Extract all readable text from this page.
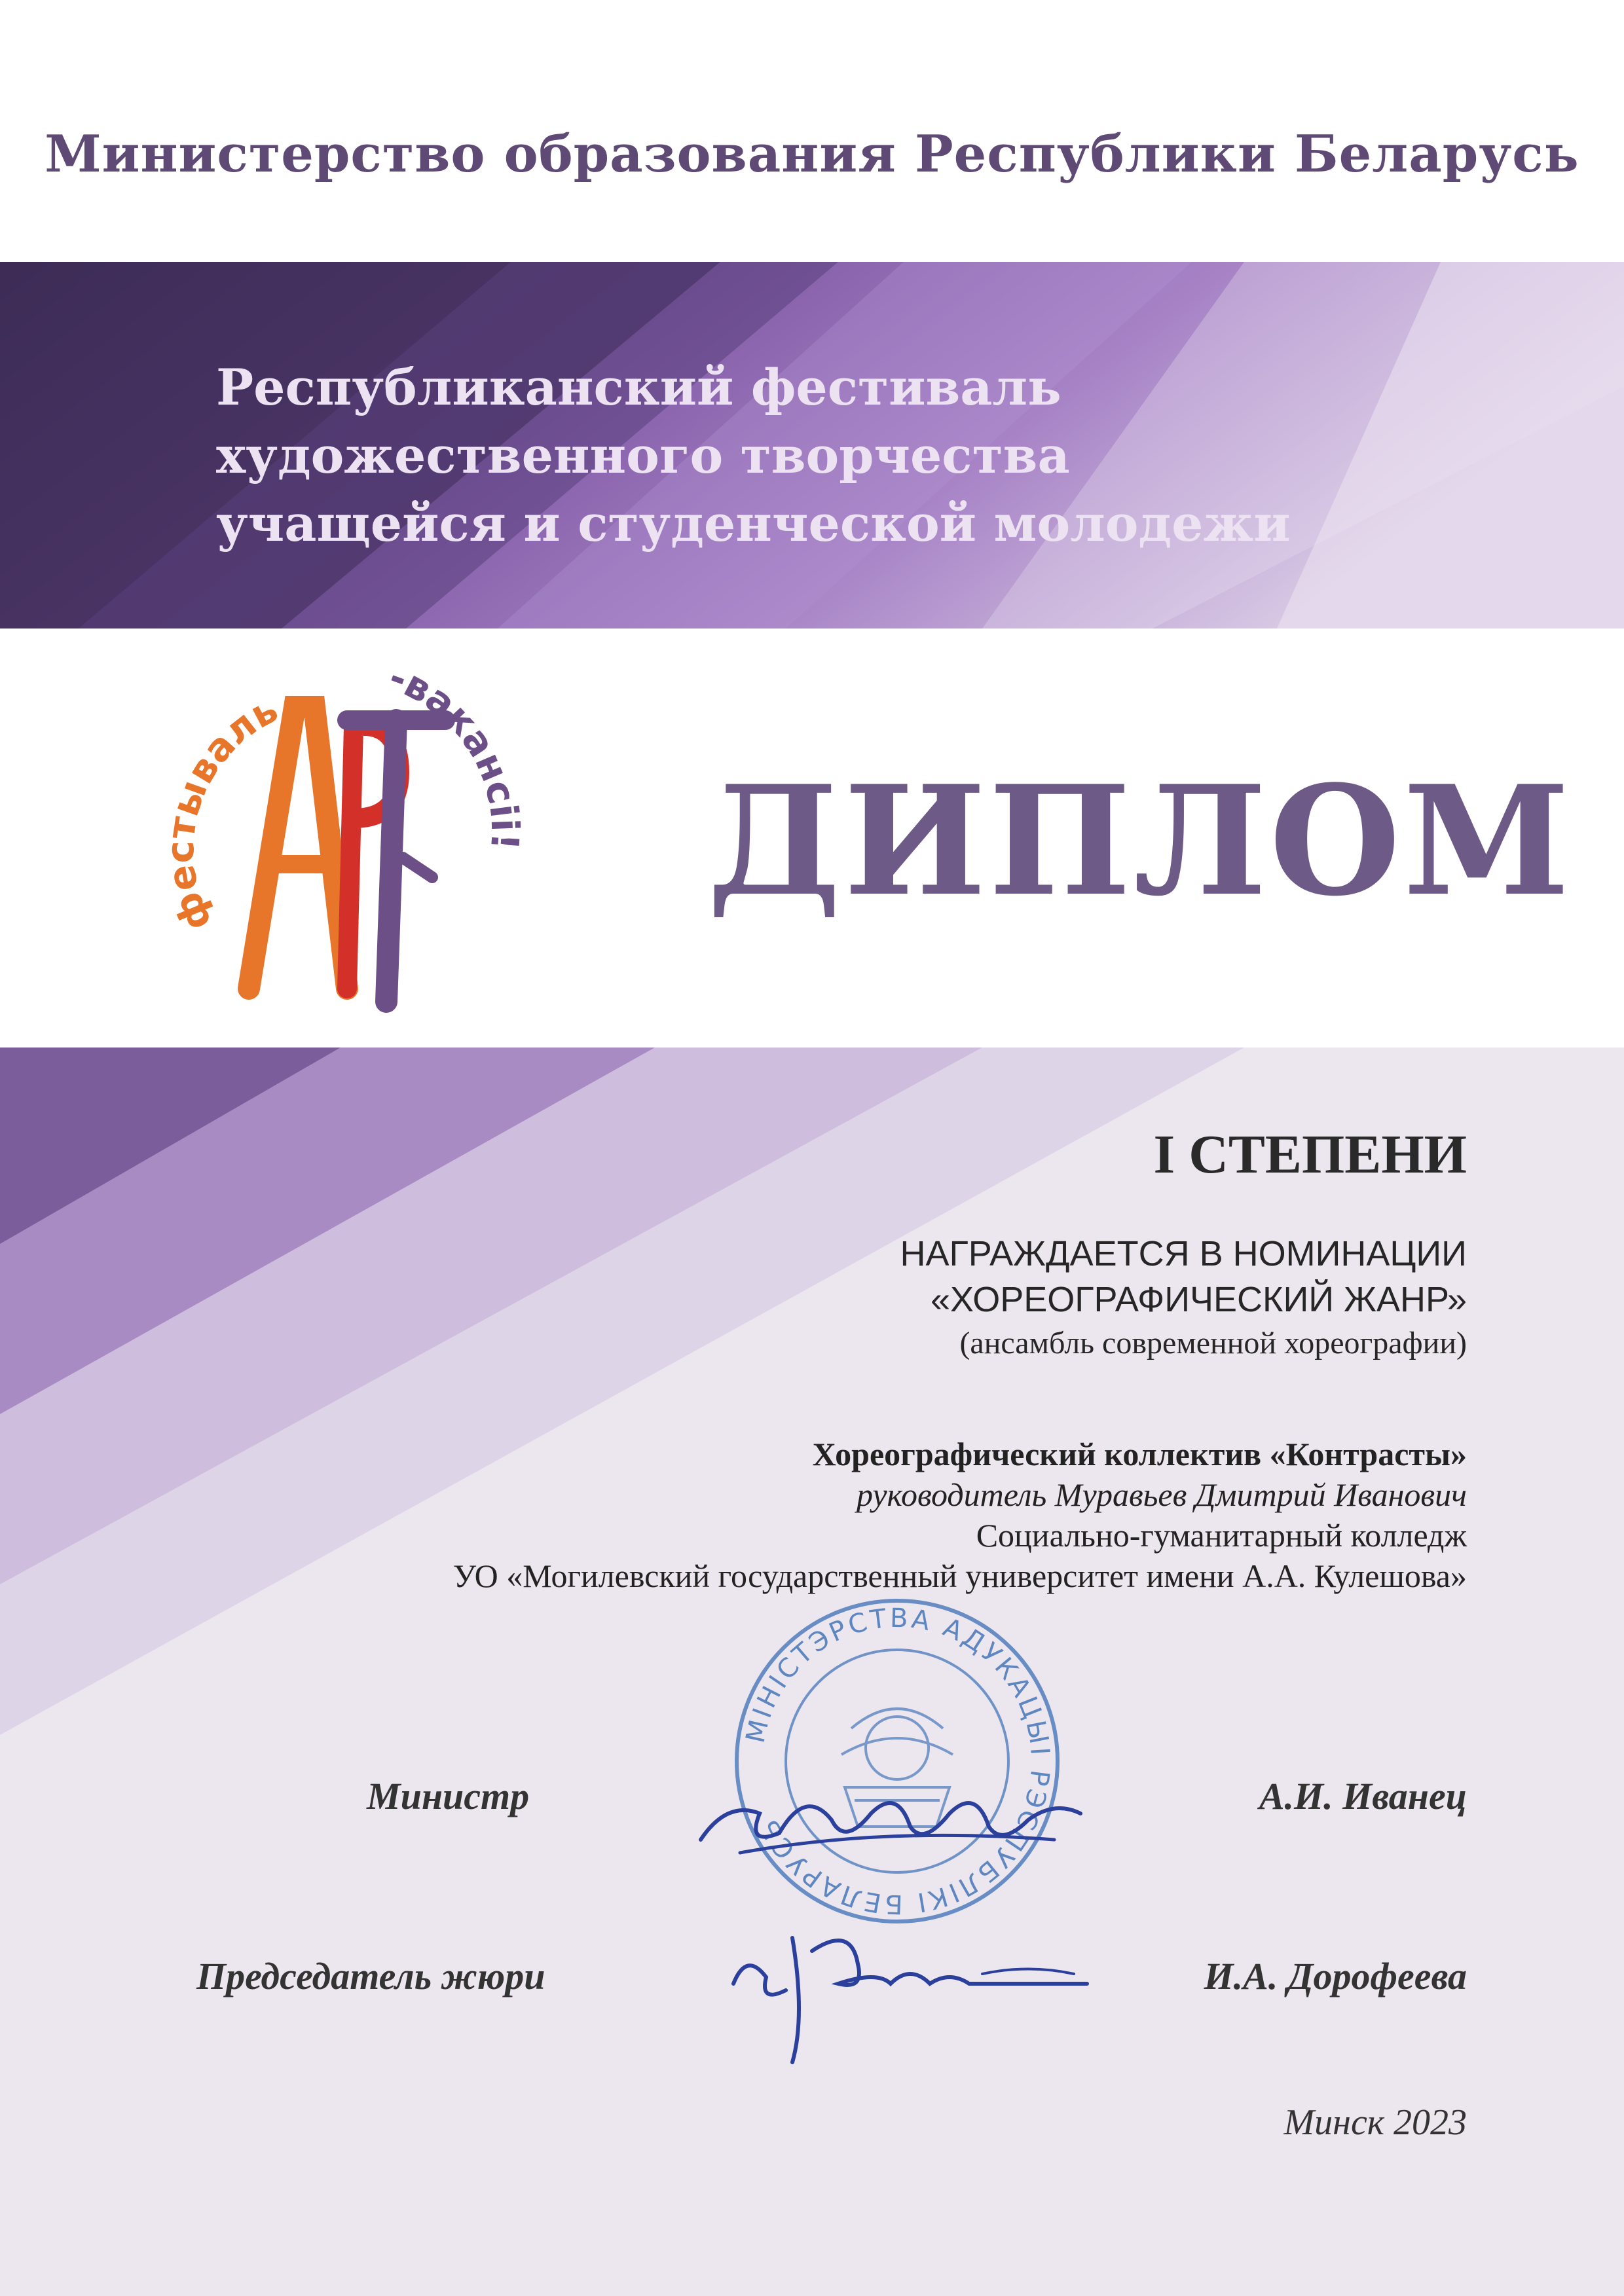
Министерство образования Республики Беларусь
Республиканский фестиваль
художественного творчества
учащейся и студенческой молодежи
фестываль
-вакансii! ДИПЛОМ
I СТЕПЕНИ
НАГРАЖДАЕТСЯ В НОМИНАЦИИ
«ХОРЕОГРАФИЧЕСКИЙ ЖАНР»
(ансамбль современной хореографии)
Хореографический коллектив «Контрасты»
руководитель Муравьев Дмитрий Иванович
Социально-гуманитарный колледж
УО «Могилевский государственный университет имени А.А. Кулешова»
МІНІСТЭРСТВА АДУКАЦЫІ РЭСПУБЛІКІ БЕЛАРУСЬ
Министр	А.И. Иванец
Председатель жюри	И.А. Дорофеева
Минск 2023
